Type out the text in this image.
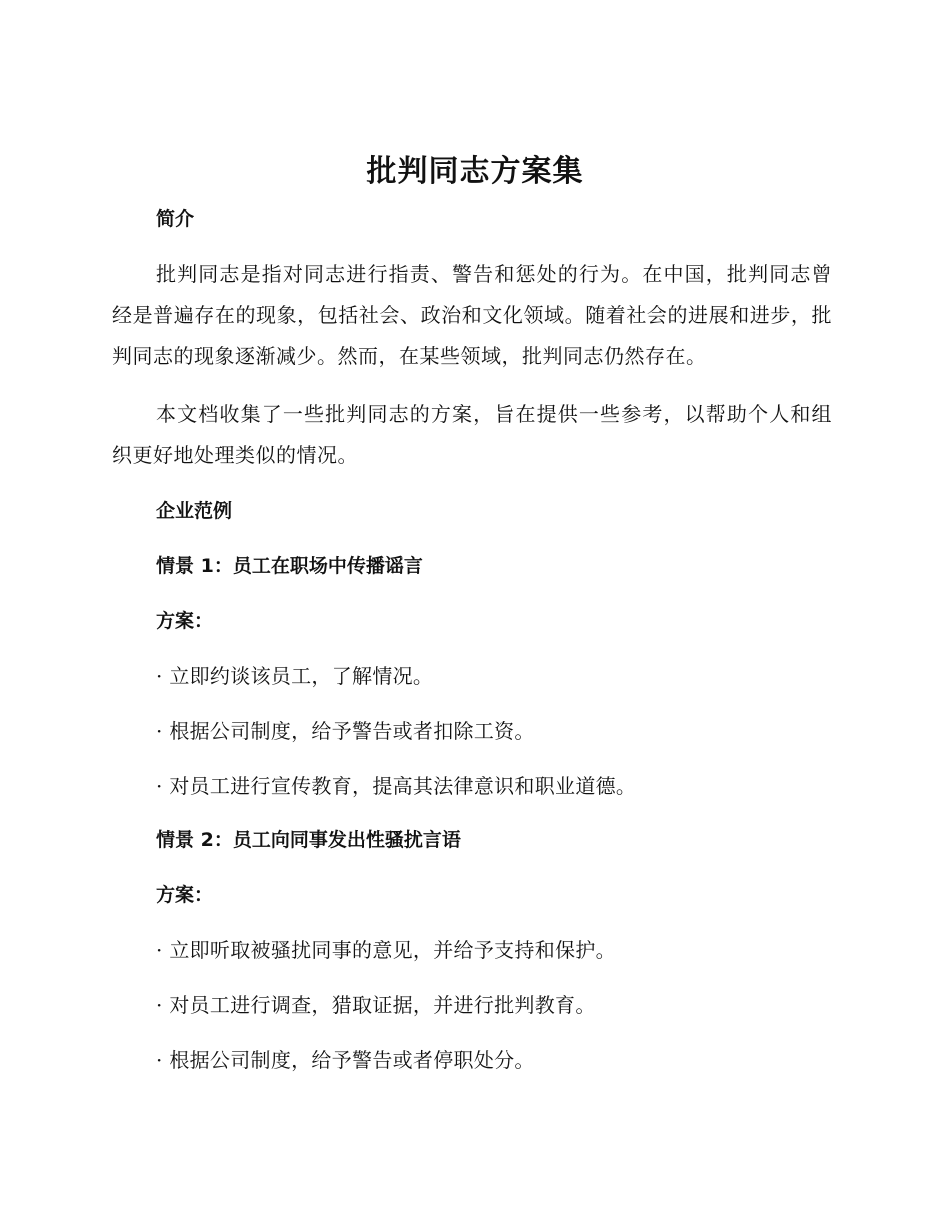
批判同志方案集
简介

批判同志是指对同志进行指责、警告和惩处的行为。在中国，批判同志曾经是普遍存在的现象，包括社会、政治和文化领域。随着社会的进展和进步，批判同志的现象逐渐减少。然而，在某些领域，批判同志仍然存在。

本文档收集了一些批判同志的方案，旨在提供一些参考，以帮助个人和组织更好地处理类似的情况。

企业范例
情景 1：员工在职场中传播谣言
方案：

· 立即约谈该员工，了解情况。

· 根据公司制度，给予警告或者扣除工资。

· 对员工进行宣传教育，提高其法律意识和职业道德。

情景 2：员工向同事发出性骚扰言语
方案：

· 立即听取被骚扰同事的意见，并给予支持和保护。

· 对员工进行调查，猎取证据，并进行批判教育。

· 根据公司制度，给予警告或者停职处分。
